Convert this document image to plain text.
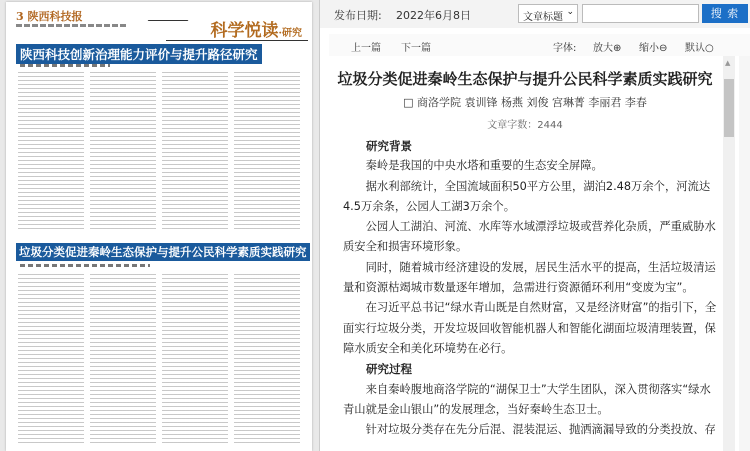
3 陕西科技报
科学悦读·研究
陕西科技创新治理能力评价与提升路径研究
垃圾分类促进秦岭生态保护与提升公民科学素质实践研究
发布日期: 2022年6月8日	文章标题 ⌄	搜 索
上一篇 下一篇	字体: 放大⊕ 缩小⊖ 默认○
垃圾分类促进秦岭生态保护与提升公民科学素质实践研究
□ 商洛学院 袁训锋 杨燕 刘俊 宫琳菁 李丽君 李春
文章字数：2444
研究背景

秦岭是我国的中央水塔和重要的生态安全屏障。

据水利部统计，全国流域面积50平方公里，湖泊2.48万余个，河流达4.5万余条，公园人工湖3万余个。

公园人工湖泊、河流、水库等水域漂浮垃圾或营养化杂质，严重威胁水质安全和损害环境形象。

同时，随着城市经济建设的发展，居民生活水平的提高，生活垃圾清运量和资源枯竭城市数量逐年增加，急需进行资源循环利用“变废为宝”。

在习近平总书记“绿水青山既是自然财富，又是经济财富”的指引下，全面实行垃圾分类，开发垃圾回收智能机器人和智能化湖面垃圾清理装置，保障水质安全和美化环境势在必行。

研究过程

来自秦岭腹地商洛学院的“湖保卫士”大学生团队，深入贯彻落实“绿水青山就是金山银山”的发展理念，当好秦岭生态卫士。

针对垃圾分类存在先分后混、混装混运、抛洒滴漏导致的分类投放、存

▲
